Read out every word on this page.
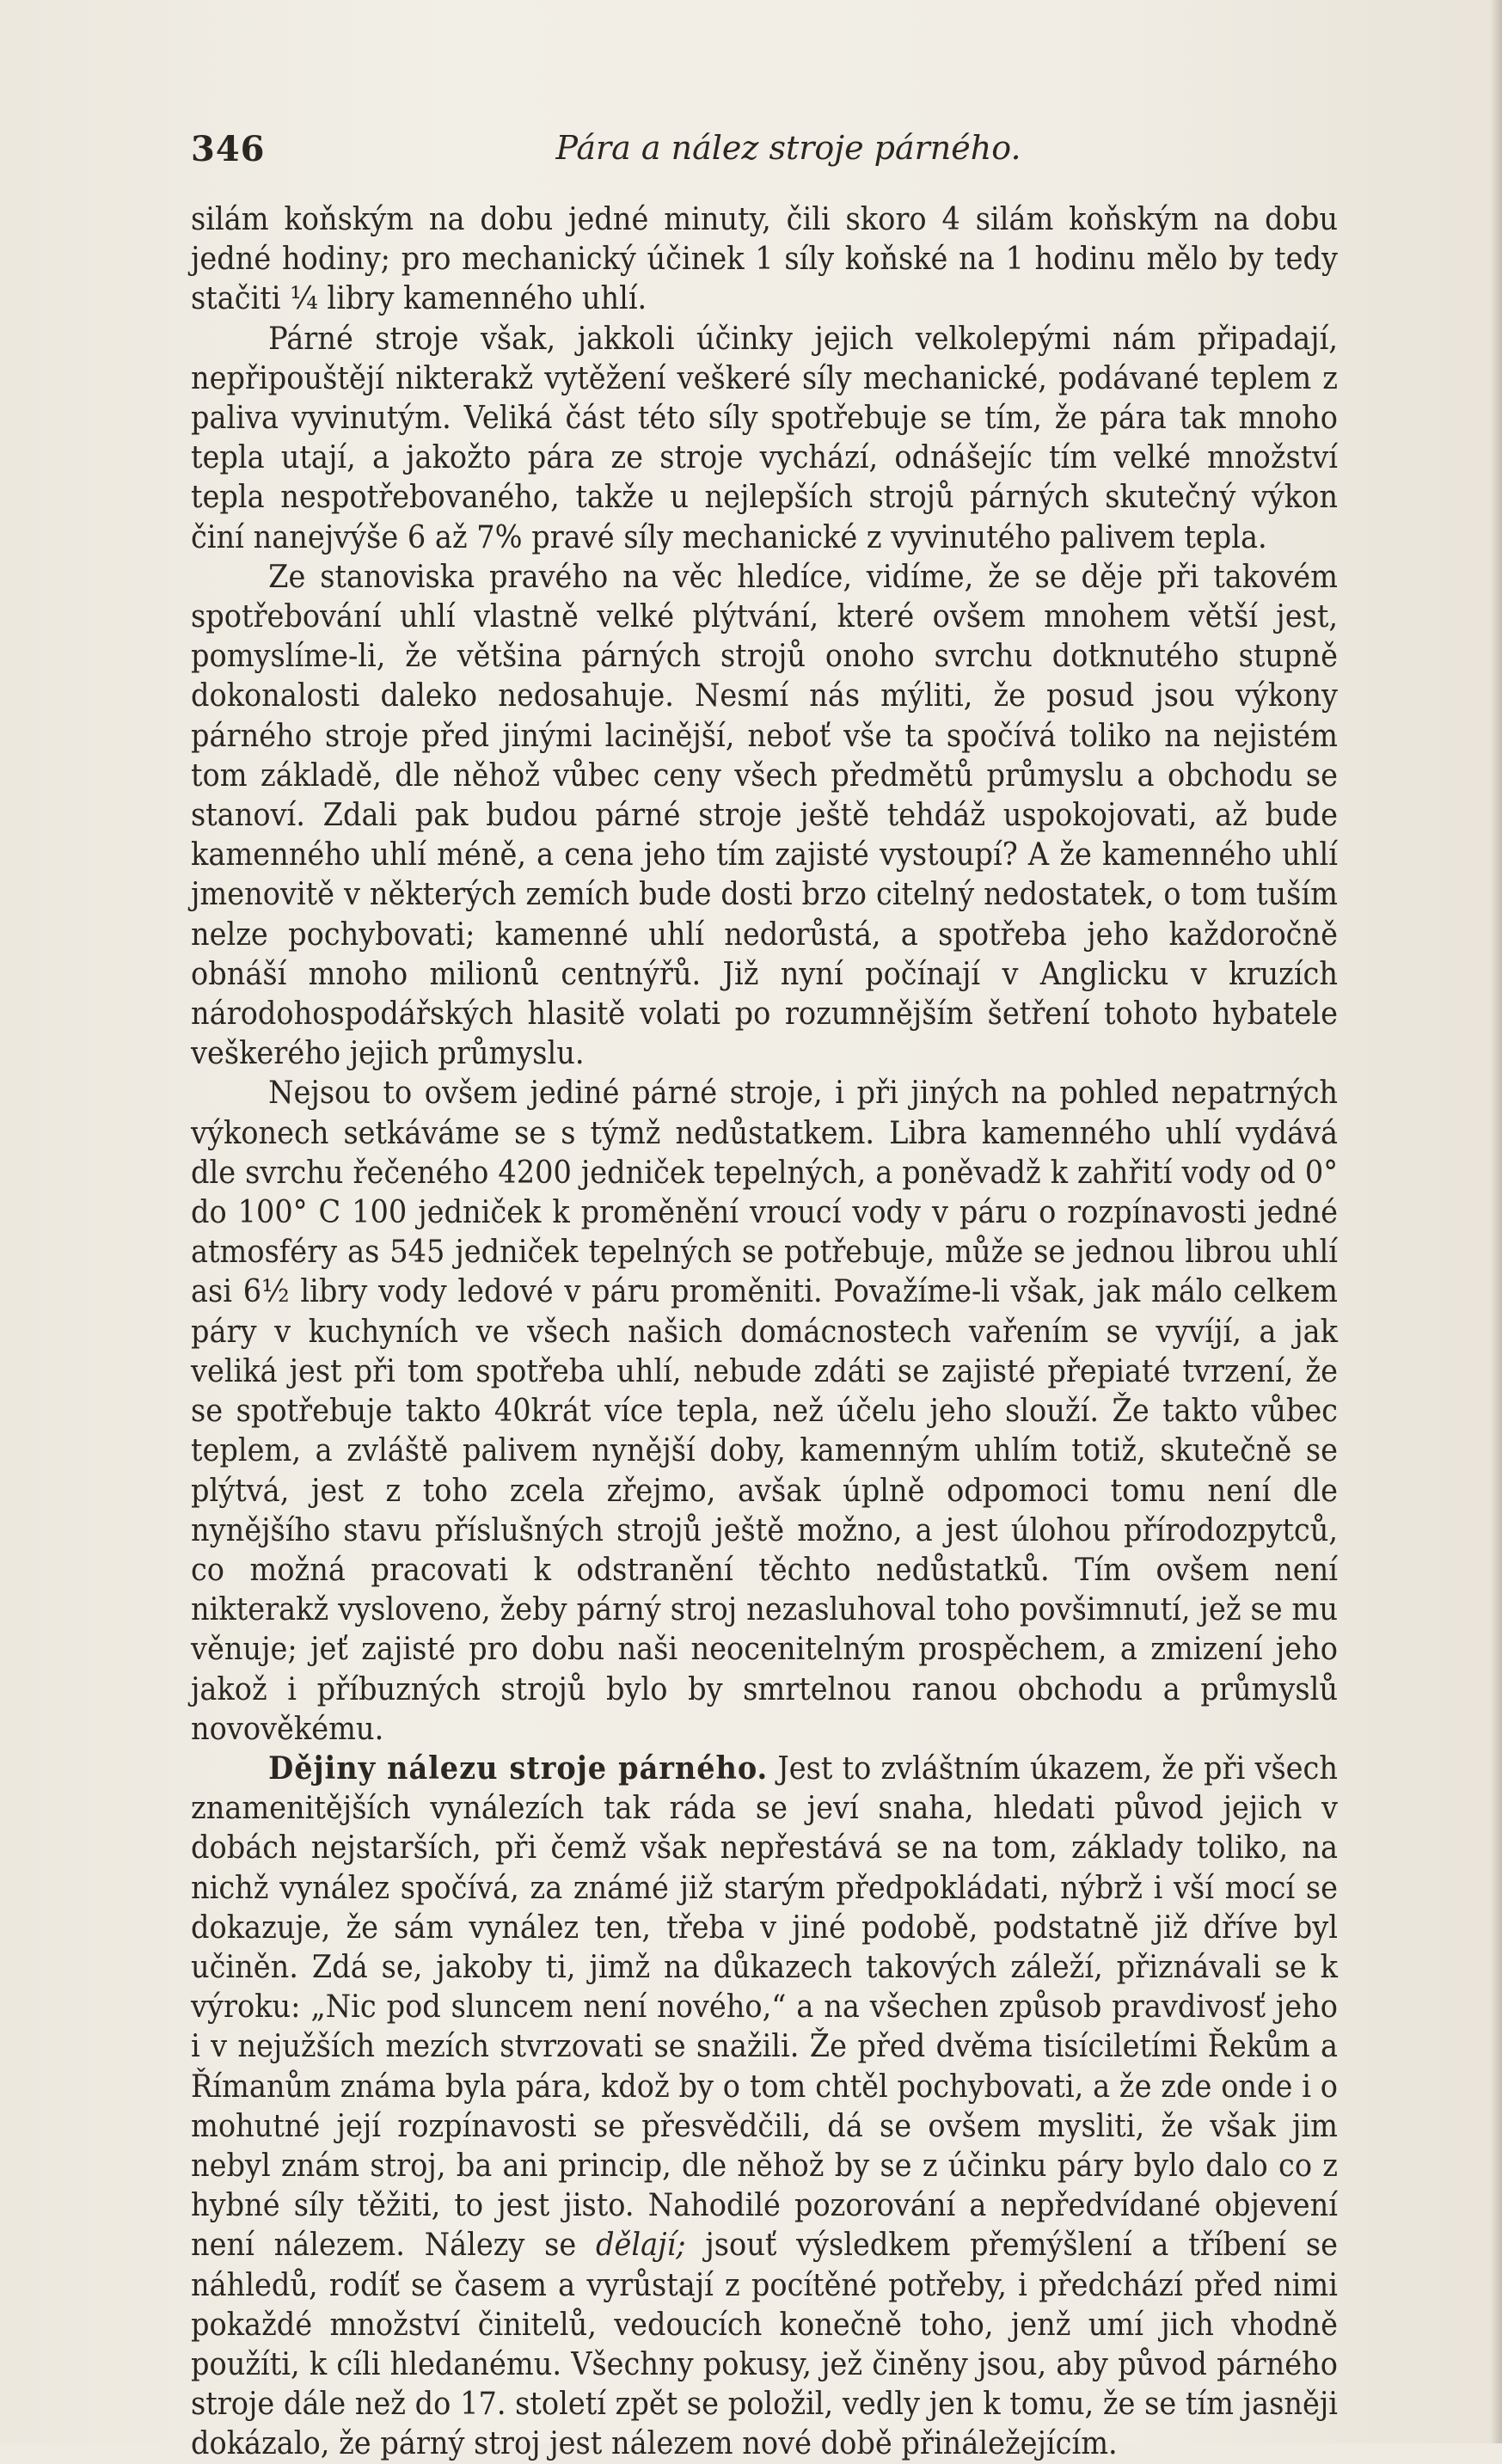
346	Pára a nález stroje párného.

silám koňským na dobu jedné minuty, čili skoro 4 silám koňským na dobu jedné hodiny; pro mechanický účinek 1 síly koňské na 1 hodinu mělo by tedy stačiti ¼ libry kamenného uhlí.

Párné stroje však, jakkoli účinky jejich velkolepými nám připadají, nepřipouštějí nikterakž vytěžení veškeré síly mechanické, podávané teplem z paliva vyvinutým. Veliká část této síly spotřebuje se tím, že pára tak mnoho tepla utají, a jakožto pára ze stroje vychází, odnášejíc tím velké množství tepla nespotřebovaného, takže u nejlepších strojů párných skutečný výkon činí nanejvýše 6 až 7% pravé síly mechanické z vyvinutého palivem tepla.

Ze stanoviska pravého na věc hledíce, vidíme, že se děje při takovém spotřebování uhlí vlastně velké plýtvání, které ovšem mnohem větší jest, pomyslíme-li, že většina párných strojů onoho svrchu dotknutého stupně dokonalosti daleko nedosahuje. Nesmí nás mýliti, že posud jsou výkony párného stroje před jinými lacinější, neboť vše ta spočívá toliko na nejistém tom základě, dle něhož vůbec ceny všech předmětů průmyslu a obchodu se stanoví. Zdali pak budou párné stroje ještě tehdáž uspokojovati, až bude kamenného uhlí méně, a cena jeho tím zajisté vystoupí? A že kamenného uhlí jmenovitě v některých zemích bude dosti brzo citelný nedostatek, o tom tuším nelze pochybovati; kamenné uhlí nedorůstá, a spotřeba jeho každoročně obnáší mnoho milionů centnýřů. Již nyní počínají v Anglicku v kruzích národohospodářských hlasitě volati po rozumnějším šetření tohoto hybatele veškerého jejich průmyslu.

Nejsou to ovšem jediné párné stroje, i při jiných na pohled nepatrných výkonech setkáváme se s týmž nedůstatkem. Libra kamenného uhlí vydává dle svrchu řečeného 4200 jedniček tepelných, a poněvadž k zahřití vody od 0° do 100° C 100 jedniček k proměnění vroucí vody v páru o rozpínavosti jedné atmosféry as 545 jedniček tepelných se potřebuje, může se jednou librou uhlí asi 6½ libry vody ledové v páru proměniti. Považíme-li však, jak málo celkem páry v kuchyních ve všech našich domácnostech vařením se vyvíjí, a jak veliká jest při tom spotřeba uhlí, nebude zdáti se zajisté přepiaté tvrzení, že se spotřebuje takto 40krát více tepla, než účelu jeho slouží. Že takto vůbec teplem, a zvláště palivem nynější doby, kamenným uhlím totiž, skutečně se plýtvá, jest z toho zcela zřejmo, avšak úplně odpomoci tomu není dle nynějšího stavu příslušných strojů ještě možno, a jest úlohou přírodozpytců, co možná pracovati k odstranění těchto nedůstatků. Tím ovšem není nikterakž vysloveno, žeby párný stroj nezasluhoval toho povšimnutí, jež se mu věnuje; jeť zajisté pro dobu naši neocenitelným prospěchem, a zmizení jeho jakož i příbuzných strojů bylo by smrtelnou ranou obchodu a průmyslů novověkému.

Dějiny nálezu stroje párného. Jest to zvláštním úkazem, že při všech znamenitějších vynálezích tak ráda se jeví snaha, hledati původ jejich v dobách nejstarších, při čemž však nepřestává se na tom, základy toliko, na nichž vynález spočívá, za známé již starým předpokládati, nýbrž i vší mocí se dokazuje, že sám vynález ten, třeba v jiné podobě, podstatně již dříve byl učiněn. Zdá se, jakoby ti, jimž na důkazech takových záleží, přiznávali se k výroku: „Nic pod sluncem není nového,“ a na všechen způsob pravdivosť jeho i v nejužších mezích stvrzovati se snažili. Že před dvěma tisíciletími Řekům a Římanům známa byla pára, kdož by o tom chtěl pochybovati, a že zde onde i o mohutné její rozpínavosti se přesvědčili, dá se ovšem mysliti, že však jim nebyl znám stroj, ba ani princip, dle něhož by se z účinku páry bylo dalo co z hybné síly těžiti, to jest jisto. Nahodilé pozorování a nepředvídané objevení není nálezem. Nálezy se dělají; jsouť výsledkem přemýšlení a tříbení se náhledů, rodíť se časem a vyrůstají z pocítěné potřeby, i předchází před nimi pokaždé množství činitelů, vedoucích konečně toho, jenž umí jich vhodně použíti, k cíli hledanému. Všechny pokusy, jež činěny jsou, aby původ párného stroje dále než do 17. století zpět se položil, vedly jen k tomu, že se tím jasněji dokázalo, že párný stroj jest nálezem nové době přináležejícím.
